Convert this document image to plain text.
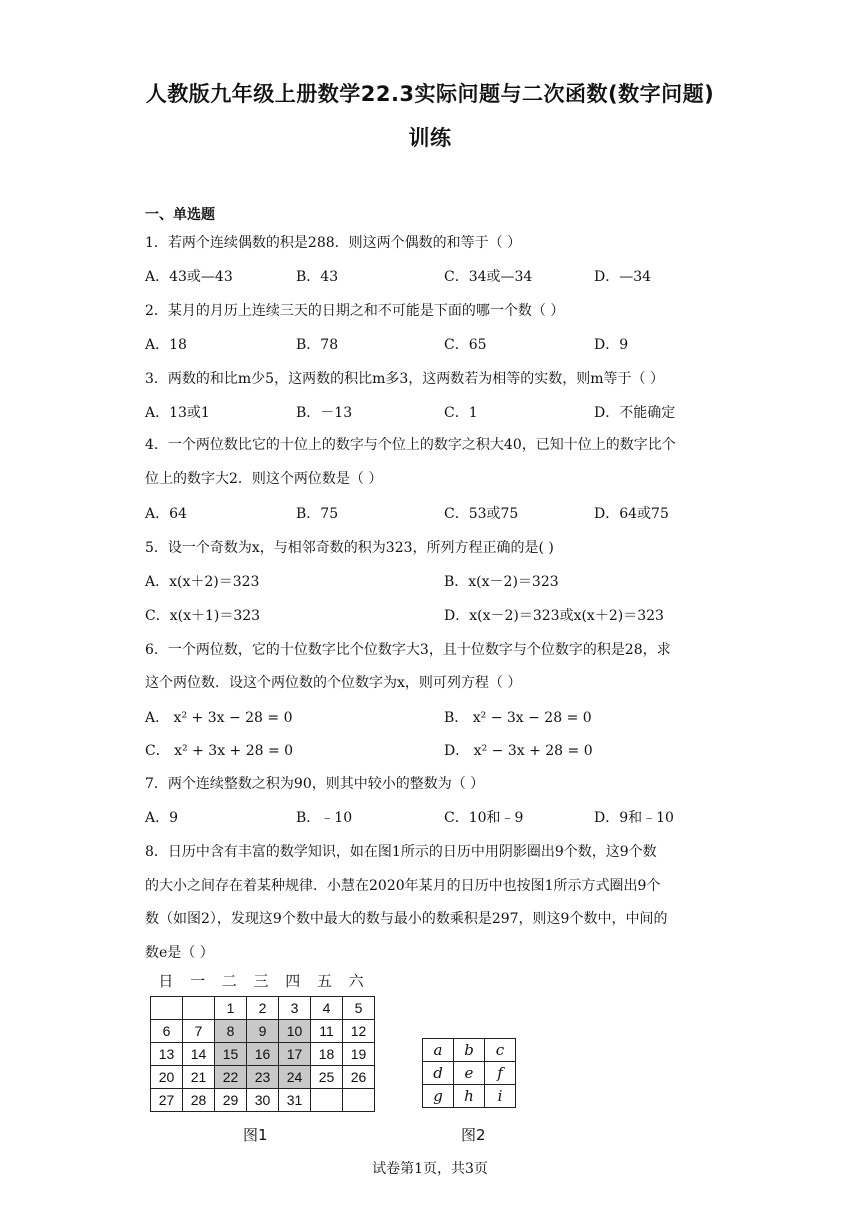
人教版九年级上册数学22.3实际问题与二次函数(数字问题)
训练
一、单选题
1．若两个连续偶数的积是288．则这两个偶数的和等于（ ）
A．43或—43	B．43	C．34或—34	D．—34
2．某月的月历上连续三天的日期之和不可能是下面的哪一个数（ ）
A．18	B．78	C．65	D．9
3．两数的和比m少5，这两数的积比m多3，这两数若为相等的实数，则m等于（ ）
A．13或1	B．－13	C．1	D．不能确定
4．一个两位数比它的十位上的数字与个位上的数字之积大40，已知十位上的数字比个
位上的数字大2．则这个两位数是（ ）
A．64	B．75	C．53或75	D．64或75
5．设一个奇数为x，与相邻奇数的积为323，所列方程正确的是( )
A．x(x＋2)＝323	B．x(x－2)＝323
C．x(x＋1)＝323	D．x(x－2)＝323或x(x＋2)＝323
6．一个两位数，它的十位数字比个位数字大3，且十位数字与个位数字的积是28，求
这个两位数．设这个两位数的个位数字为x，则可列方程（ ）
A． x² + 3x − 28 = 0	B． x² − 3x − 28 = 0
C． x² + 3x + 28 = 0	D． x² − 3x + 28 = 0
7．两个连续整数之积为90，则其中较小的整数为（ ）
A．9	B．﹣10	C．10和﹣9	D．9和﹣10
8．日历中含有丰富的数学知识，如在图1所示的日历中用阴影圈出9个数，这9个数
的大小之间存在着某种规律．小慧在2020年某月的日历中也按图1所示方式圈出9个
数（如图2），发现这9个数中最大的数与最小的数乘积是297，则这9个数中，中间的
数e是（ ）
日	一	二	三	四	五	六
		1	2	3	4	5
6	7	8	9	10	11	12
13	14	15	16	17	18	19
20	21	22	23	24	25	26
27	28	29	30	31		
图1
a	b	c
d	e	f
g	h	i
图2
试卷第1页，共3页
